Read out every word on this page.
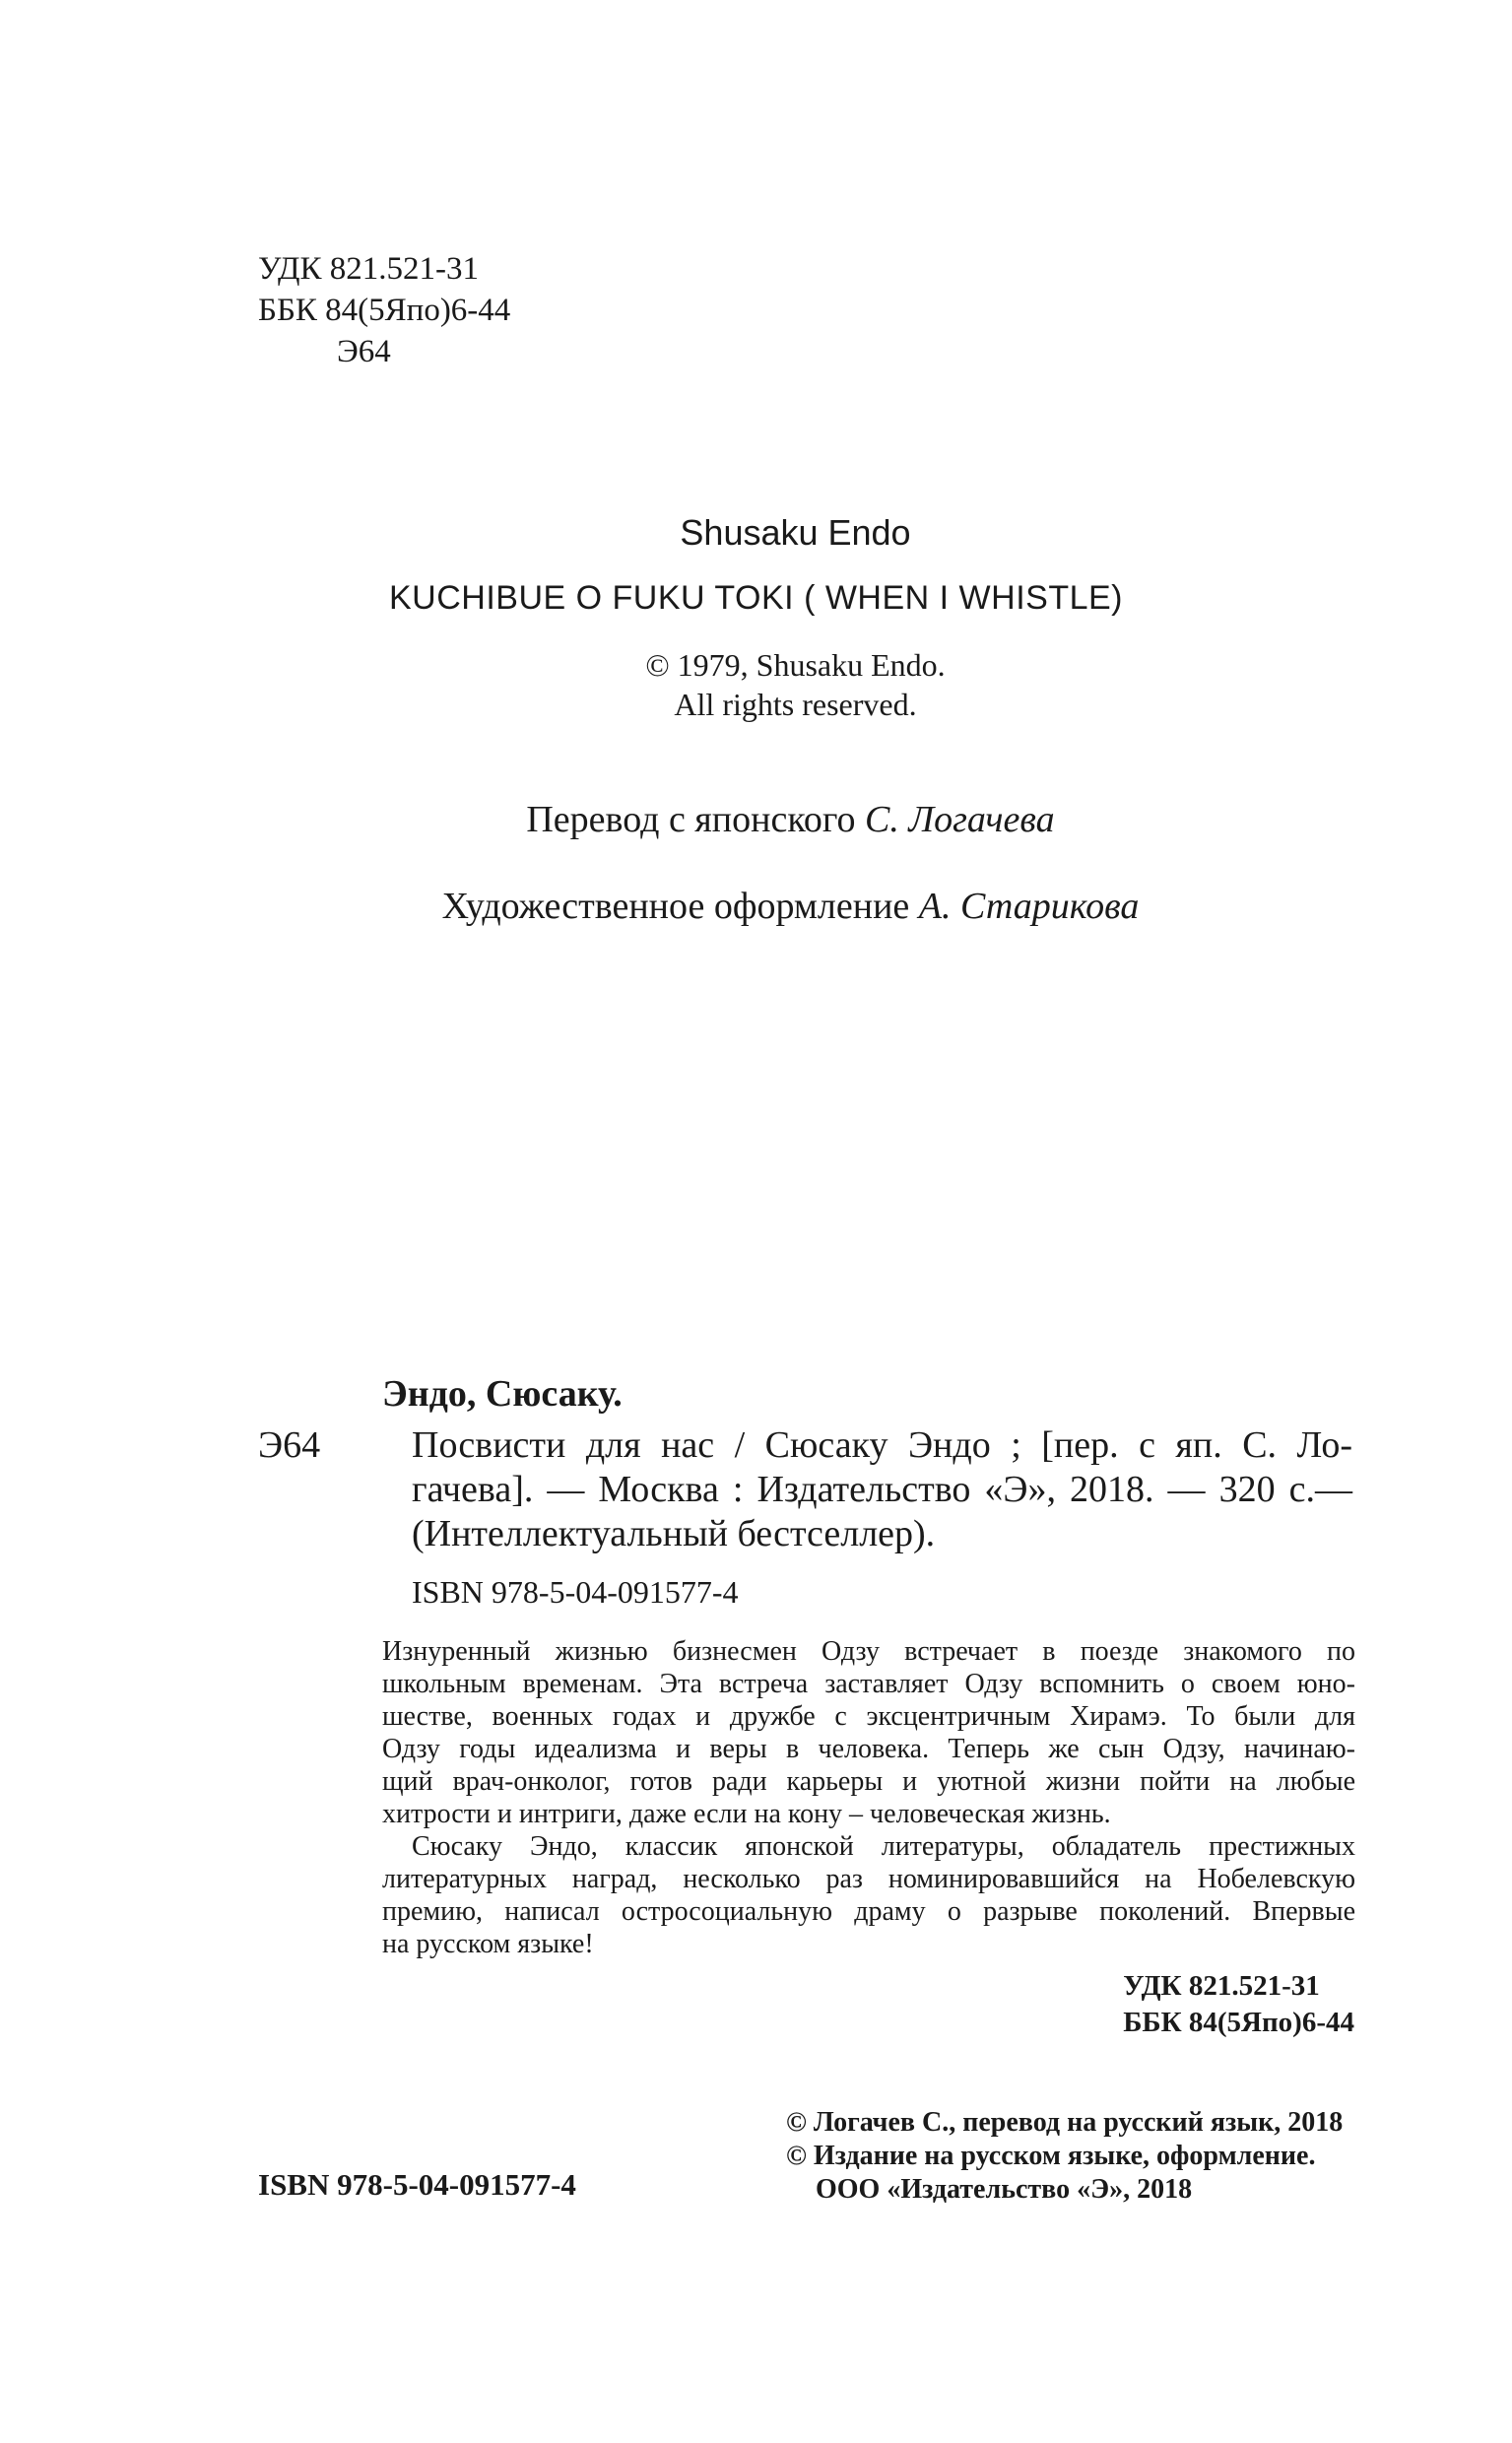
УДК 821.521-31
ББК 84(5Япо)6-44
Э64
Shusaku Endo
KUCHIBUE O FUKU TOKI ( WHEN I WHISTLE)
© 1979, Shusaku Endo.
All rights reserved.
Перевод с японского С. Логачева
Художественное оформление А. Старикова
Эндо, Сюсаку.
Э64 Посвисти для нас / Сюсаку Эндо ; [пер. с яп. С. Ло-
гачева]. — Москва : Издательство «Э», 2018. — 320 с.—
(Интеллектуальный бестселлер).
ISBN 978-5-04-091577-4
Изнуренный жизнью бизнесмен Одзу встречает в поезде знакомого по
школьным временам. Эта встреча заставляет Одзу вспомнить о своем юно-
шестве, военных годах и дружбе с эксцентричным Хирамэ. То были для
Одзу годы идеализма и веры в человека. Теперь же сын Одзу, начинаю-
щий врач-онколог, готов ради карьеры и уютной жизни пойти на любые
хитрости и интриги, даже если на кону – человеческая жизнь.
Сюсаку Эндо, классик японской литературы, обладатель престижных
литературных наград, несколько раз номинировавшийся на Нобелевскую
премию, написал остросоциальную драму о разрыве поколений. Впервые
на русском языке!
УДК 821.521-31
ББК 84(5Япо)6-44
ISBN 978-5-04-091577-4
© Логачев С., перевод на русский язык, 2018
© Издание на русском языке, оформление.
ООО «Издательство «Э», 2018
